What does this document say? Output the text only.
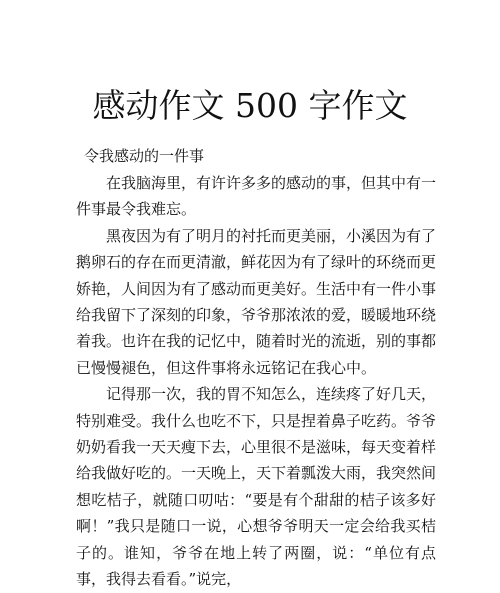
感动作文 500 字作文
令我感动的一件事

在我脑海里，有许许多多的感动的事，但其中有一件事最令我难忘。

黑夜因为有了明月的衬托而更美丽，小溪因为有了鹅卵石的存在而更清澈，鲜花因为有了绿叶的环绕而更娇艳，人间因为有了感动而更美好。生活中有一件小事给我留下了深刻的印象，爷爷那浓浓的爱，暖暖地环绕着我。也许在我的记忆中，随着时光的流逝，别的事都已慢慢褪色，但这件事将永远铭记在我心中。

记得那一次，我的胃不知怎么，连续疼了好几天，特别难受。我什么也吃不下，只是捏着鼻子吃药。爷爷奶奶看我一天天瘦下去，心里很不是滋味，每天变着样给我做好吃的。一天晚上，天下着瓢泼大雨，我突然间想吃桔子，就随口叨咕：“要是有个甜甜的桔子该多好啊！”我只是随口一说，心想爷爷明天一定会给我买桔子的。谁知，爷爷在地上转了两圈，说：“单位有点事，我得去看看。”说完，
